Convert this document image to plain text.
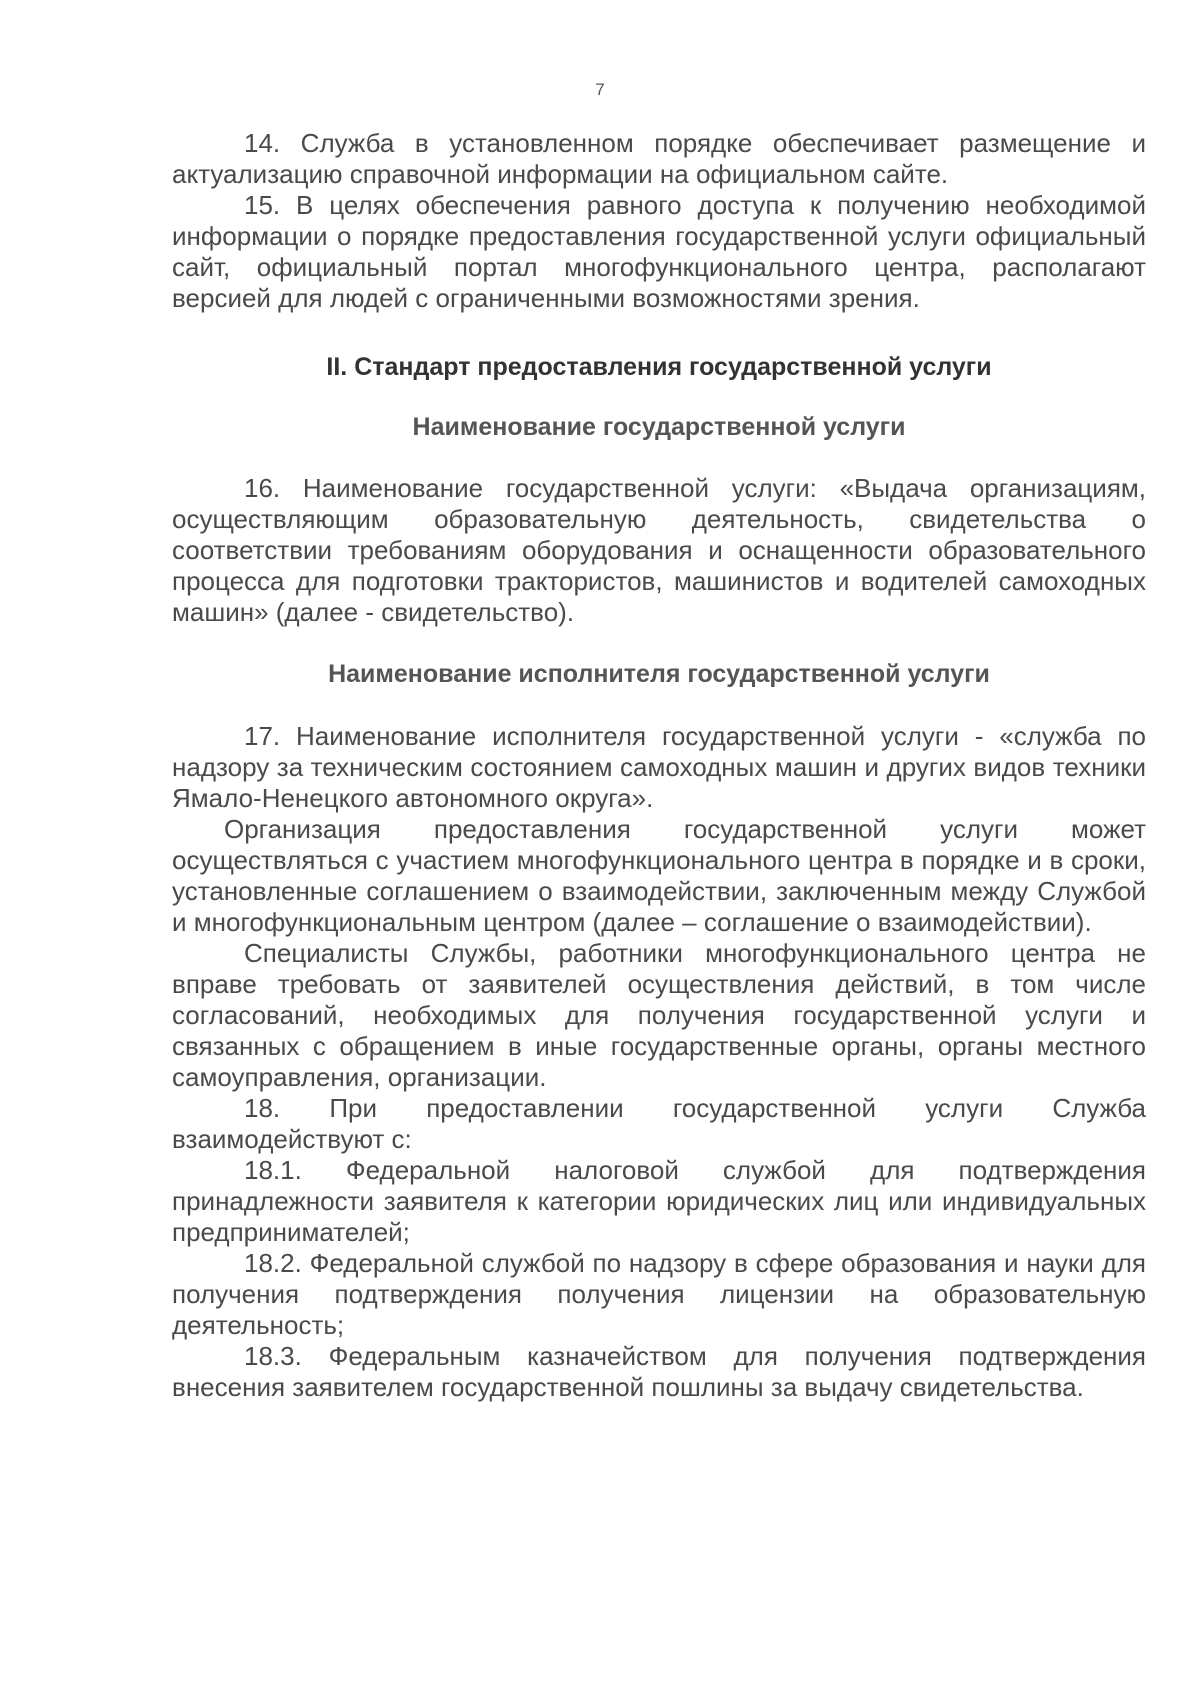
7

14. Служба в установленном порядке обеспечивает размещение и актуализацию справочной информации на официальном сайте.

15. В целях обеспечения равного доступа к получению необходимой информации о порядке предоставления государственной услуги официальный сайт, официальный портал многофункционального центра, располагают версией для людей с ограниченными возможностями зрения.

II. Стандарт предоставления государственной услуги
Наименование государственной услуги

16. Наименование государственной услуги: «Выдача организациям, осуществляющим образовательную деятельность, свидетельства о соответствии требованиям оборудования и оснащенности образовательного процесса для подготовки трактористов, машинистов и водителей самоходных машин» (далее - свидетельство).

Наименование исполнителя государственной услуги

17. Наименование исполнителя государственной услуги - «служба по надзору за техническим состоянием самоходных машин и других видов техники Ямало-Ненецкого автономного округа».

Организация предоставления государственной услуги может осуществляться с участием многофункционального центра в порядке и в сроки, установленные соглашением о взаимодействии, заключенным между Службой и многофункциональным центром (далее – соглашение о взаимодействии).

Специалисты Службы, работники многофункционального центра не вправе требовать от заявителей осуществления действий, в том числе согласований, необходимых для получения государственной услуги и связанных с обращением в иные государственные органы, органы местного самоуправления, организации.

18. При предоставлении государственной услуги Служба взаимодействуют с:

18.1. Федеральной налоговой службой для подтверждения принадлежности заявителя к категории юридических лиц или индивидуальных предпринимателей;

18.2. Федеральной службой по надзору в сфере образования и науки для получения подтверждения получения лицензии на образовательную деятельность;

18.3. Федеральным казначейством для получения подтверждения внесения заявителем государственной пошлины за выдачу свидетельства.
